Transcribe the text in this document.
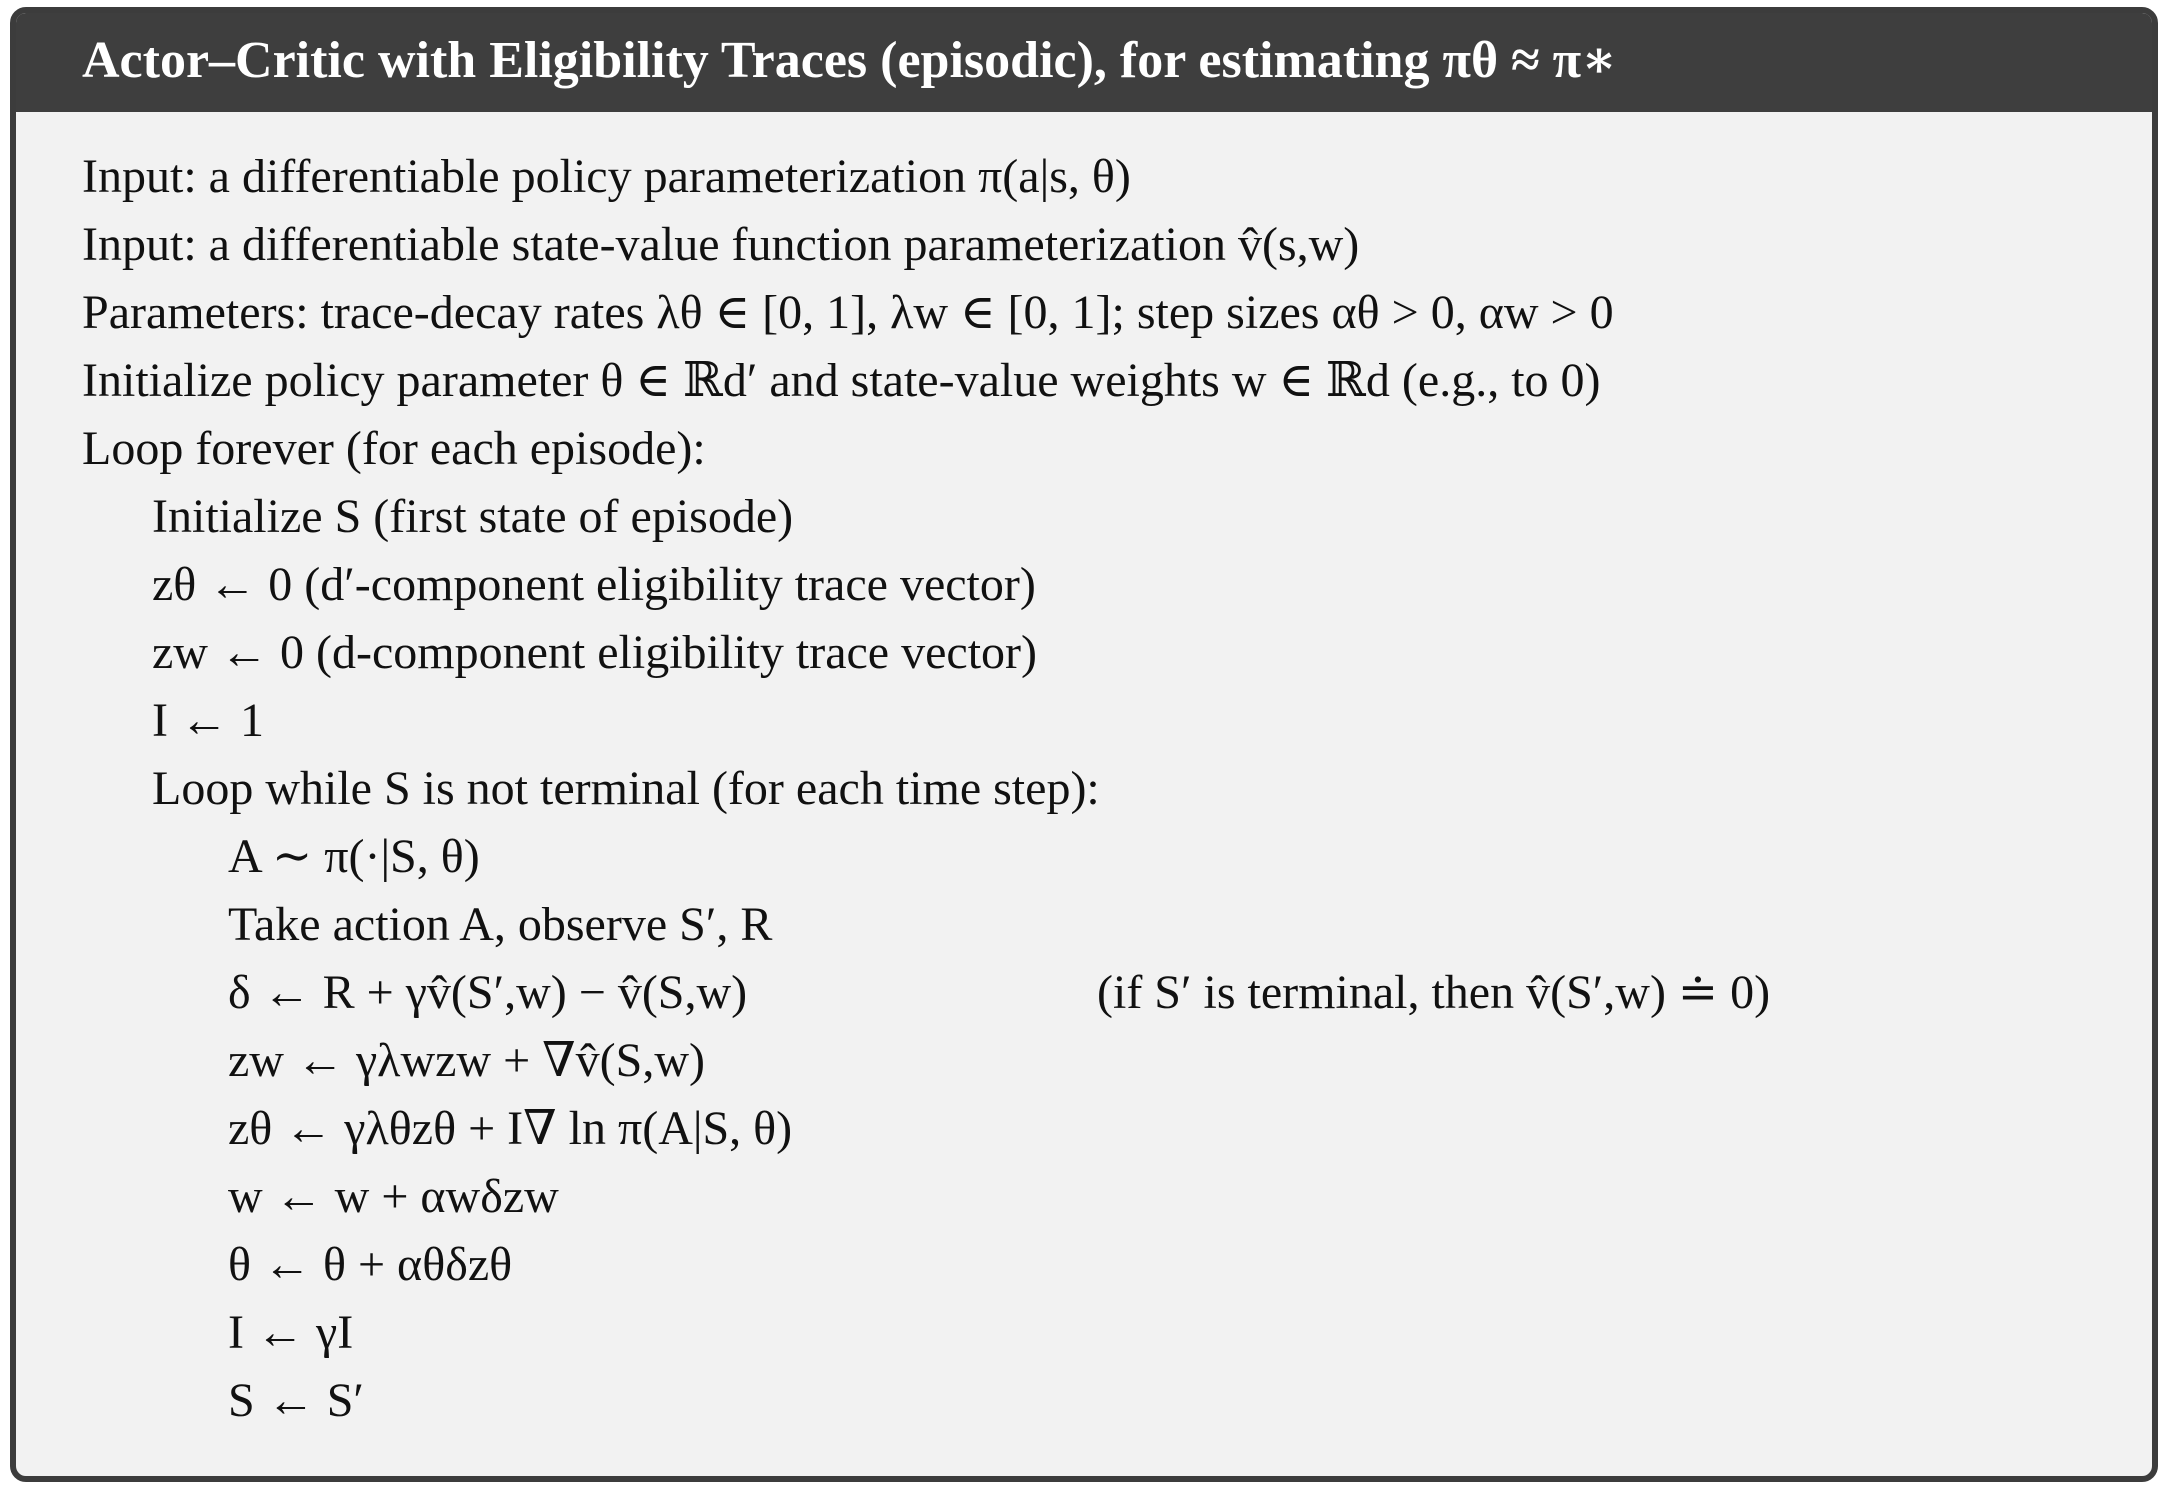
Actor–Critic with Eligibility Traces (episodic), for estimating πθ ≈ π∗
Input: a differentiable policy parameterization π(a|s, θ)
Input: a differentiable state-value function parameterization v̂(s,w)
Parameters: trace-decay rates λθ ∈ [0, 1], λw ∈ [0, 1]; step sizes αθ > 0, αw > 0
Initialize policy parameter θ ∈ ℝd′ and state-value weights w ∈ ℝd (e.g., to 0)
Loop forever (for each episode):
Initialize S (first state of episode)
zθ ← 0 (d′-component eligibility trace vector)
zw ← 0 (d-component eligibility trace vector)
I ← 1
Loop while S is not terminal (for each time step):
A ∼ π(·|S, θ)
Take action A, observe S′, R
δ ← R + γv̂(S′,w) − v̂(S,w)	(if S′ is terminal, then v̂(S′,w) ≐ 0)
zw ← γλwzw + ∇v̂(S,w)
zθ ← γλθzθ + I∇ ln π(A|S, θ)
w ← w + αwδzw
θ ← θ + αθδzθ
I ← γI
S ← S′
